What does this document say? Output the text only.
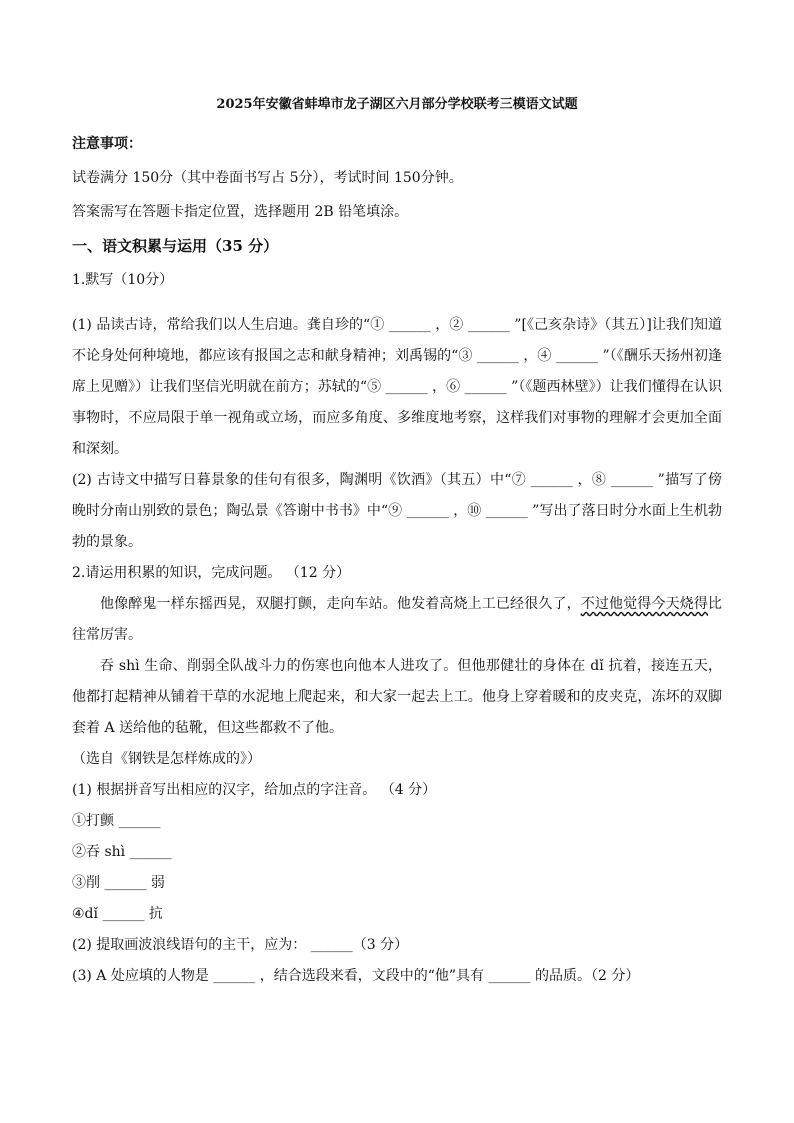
2025年安徽省蚌埠市龙子湖区六月部分学校联考三模语文试题

注意事项：

试卷满分 150分（其中卷面书写占 5分），考试时间 150分钟。

答案需写在答题卡指定位置，选择题用 2B 铅笔填涂。

一、语文积累与运用（35 分）

1.默写（10分）

(1) 品读古诗，常给我们以人生启迪。龚自珍的“① ______ ，② ______ ”[《己亥杂诗》（其五）]让我们知道不论身处何种境地，都应该有报国之志和献身精神；刘禹锡的“③ ______ ，④ ______ ”（《酬乐天扬州初逢席上见赠》）让我们坚信光明就在前方；苏轼的“⑤ ______ ，⑥ ______ ”（《题西林壁》）让我们懂得在认识事物时，不应局限于单一视角或立场，而应多角度、多维度地考察，这样我们对事物的理解才会更加全面和深刻。

(2) 古诗文中描写日暮景象的佳句有很多，陶渊明《饮酒》（其五）中“⑦ ______ ，⑧ ______ ”描写了傍晚时分南山别致的景色；陶弘景《答谢中书书》中“⑨ ______ ，⑩ ______ ”写出了落日时分水面上生机勃勃的景象。

2.请运用积累的知识，完成问题。 （12 分）

他像醉鬼一样东摇西晃，双腿打颤，走向车站。他发着高烧上工已经很久了，不过他觉得今天烧得比往常厉害。

吞 shì 生命、削弱全队战斗力的伤寒也向他本人进攻了。但他那健壮的身体在 dǐ 抗着，接连五天，他都打起精神从铺着干草的水泥地上爬起来，和大家一起去上工。他身上穿着暖和的皮夹克，冻坏的双脚套着 A 送给他的毡靴，但这些都救不了他。

（选自《钢铁是怎样炼成的》）

(1) 根据拼音写出相应的汉字，给加点的字注音。 （4 分）

①打颤 ______

②吞 shì ______

③削 ______ 弱

④dǐ ______ 抗

(2) 提取画波浪线语句的主干，应为： ______（3 分）

(3) A 处应填的人物是 ______ ，结合选段来看，文段中的“他”具有 ______ 的品质。（2 分）
